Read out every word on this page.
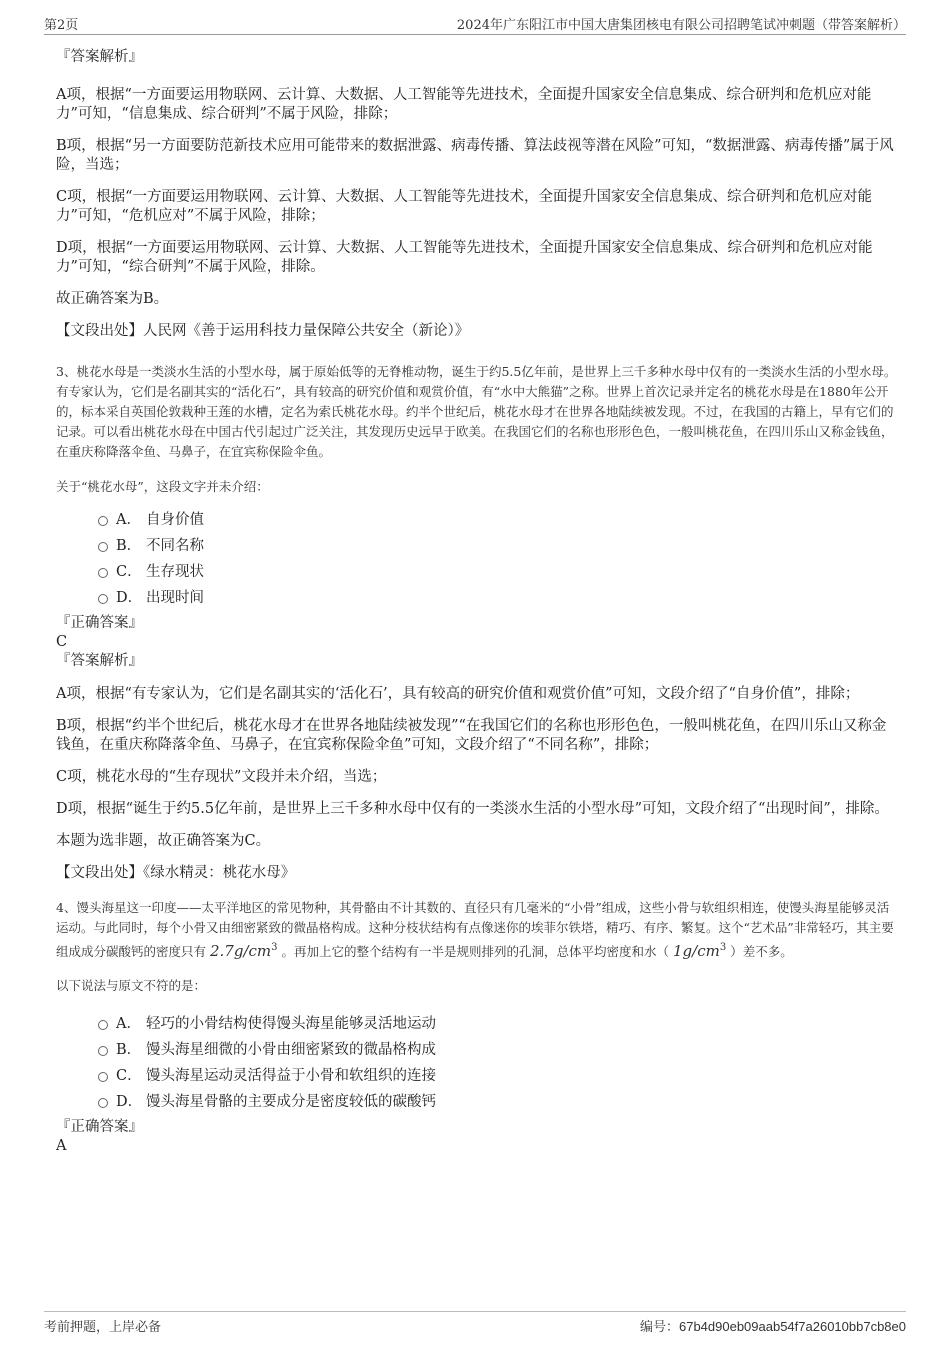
第2页	2024年广东阳江市中国大唐集团核电有限公司招聘笔试冲刺题（带答案解析）

『答案解析』

A项，根据“一方面要运用物联网、云计算、大数据、人工智能等先进技术，全面提升国家安全信息集成、综合研判和危机应对能力”可知，“信息集成、综合研判”不属于风险，排除；

B项，根据“另一方面要防范新技术应用可能带来的数据泄露、病毒传播、算法歧视等潜在风险”可知，“数据泄露、病毒传播”属于风险，当选；

C项，根据“一方面要运用物联网、云计算、大数据、人工智能等先进技术，全面提升国家安全信息集成、综合研判和危机应对能力”可知，“危机应对”不属于风险，排除；

D项，根据“一方面要运用物联网、云计算、大数据、人工智能等先进技术，全面提升国家安全信息集成、综合研判和危机应对能力”可知，“综合研判”不属于风险，排除。

故正确答案为B。

【文段出处】人民网《善于运用科技力量保障公共安全（新论）》

3、桃花水母是一类淡水生活的小型水母，属于原始低等的无脊椎动物，诞生于约5.5亿年前，是世界上三千多种水母中仅有的一类淡水生活的小型水母。有专家认为，它们是名副其实的“活化石”，具有较高的研究价值和观赏价值，有“水中大熊猫”之称。世界上首次记录并定名的桃花水母是在1880年公开的，标本采自英国伦敦栽种王莲的水槽，定名为索氏桃花水母。约半个世纪后，桃花水母才在世界各地陆续被发现。不过，在我国的古籍上，早有它们的记录。可以看出桃花水母在中国古代引起过广泛关注，其发现历史远早于欧美。在我国它们的名称也形形色色，一般叫桃花鱼，在四川乐山又称金钱鱼，在重庆称降落伞鱼、马鼻子，在宜宾称保险伞鱼。

关于“桃花水母”，这段文字并未介绍：

A． 自身价值

B． 不同名称

C． 生存现状

D． 出现时间

『正确答案』

C

『答案解析』

A项，根据“有专家认为，它们是名副其实的‘活化石’，具有较高的研究价值和观赏价值”可知，文段介绍了“自身价值”，排除；

B项，根据“约半个世纪后，桃花水母才在世界各地陆续被发现”“在我国它们的名称也形形色色，一般叫桃花鱼，在四川乐山又称金钱鱼，在重庆称降落伞鱼、马鼻子，在宜宾称保险伞鱼”可知，文段介绍了“不同名称”，排除；

C项，桃花水母的“生存现状”文段并未介绍，当选；

D项，根据“诞生于约5.5亿年前，是世界上三千多种水母中仅有的一类淡水生活的小型水母”可知，文段介绍了“出现时间”，排除。

本题为选非题，故正确答案为C。

【文段出处】《绿水精灵：桃花水母》

4、馒头海星这一印度——太平洋地区的常见物种，其骨骼由不计其数的、直径只有几毫米的“小骨”组成，这些小骨与软组织相连，使馒头海星能够灵活运动。与此同时，每个小骨又由细密紧致的微晶格构成。这种分枝状结构有点像迷你的埃菲尔铁塔，精巧、有序、繁复。这个“艺术品”非常轻巧，其主要组成成分碳酸钙的密度只有 $2.7g/cm^3$ 。再加上它的整个结构有一半是规则排列的孔洞，总体平均密度和水（ $1g/cm^3$ ）差不多。

以下说法与原文不符的是：

A． 轻巧的小骨结构使得馒头海星能够灵活地运动

B． 馒头海星细微的小骨由细密紧致的微晶格构成

C． 馒头海星运动灵活得益于小骨和软组织的连接

D． 馒头海星骨骼的主要成分是密度较低的碳酸钙

『正确答案』

A

考前押题，上岸必备	编号：67b4d90eb09aab54f7a26010bb7cb8e0
